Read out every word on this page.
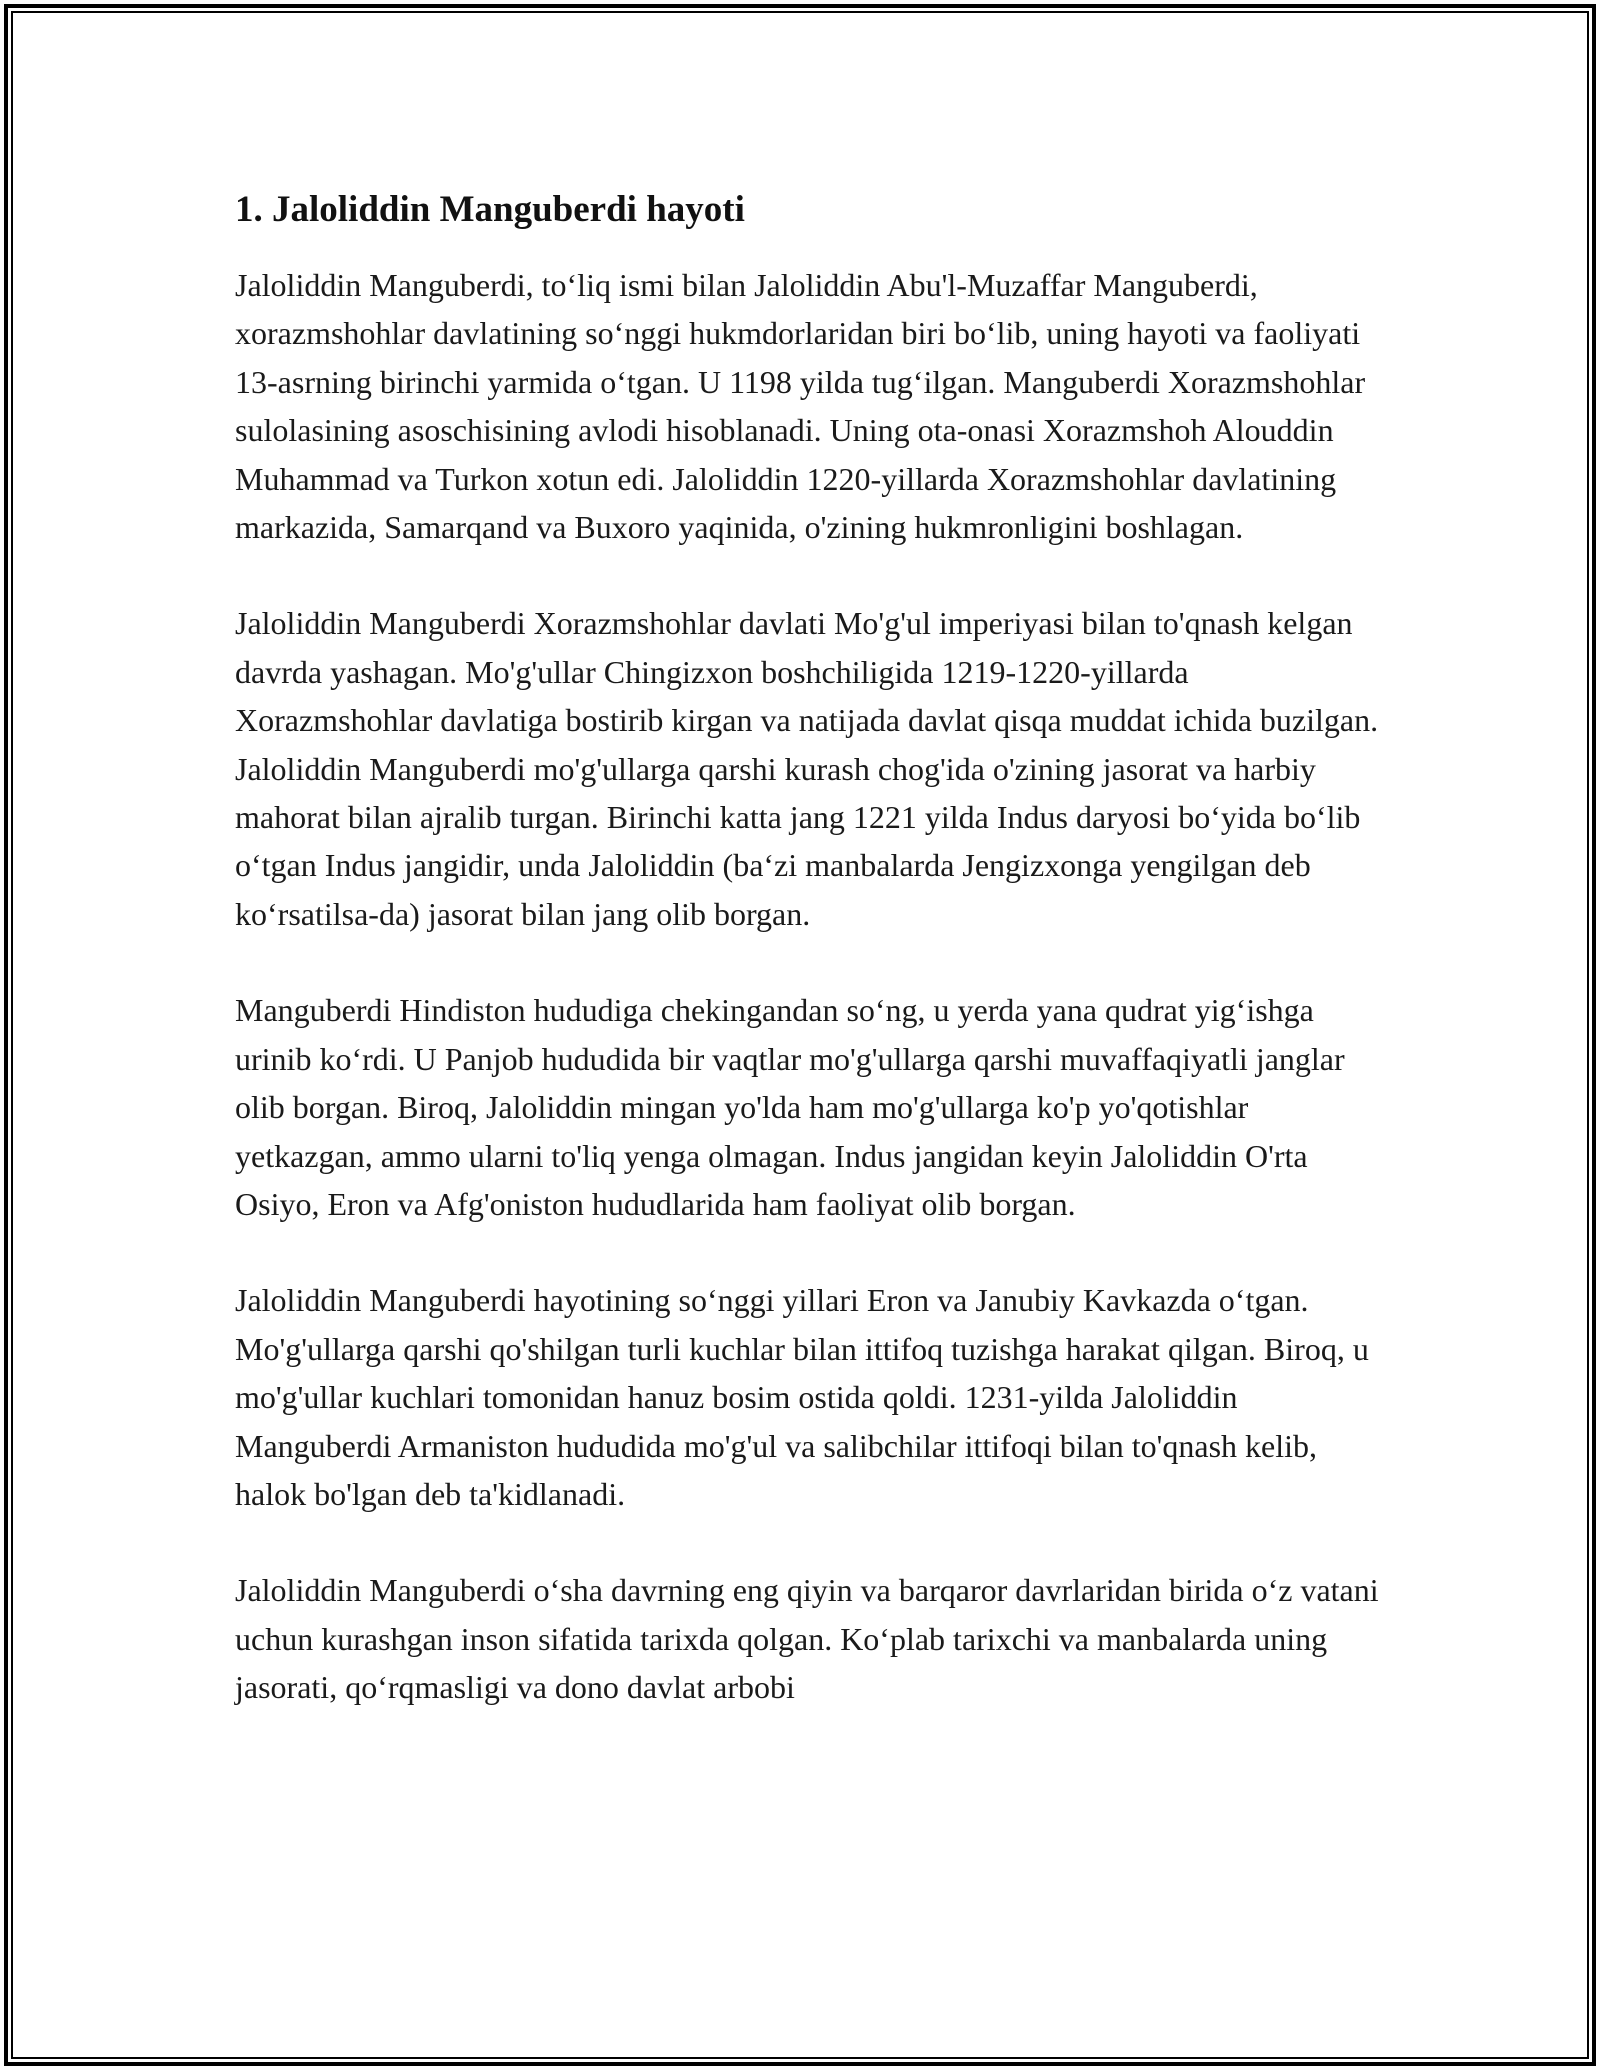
1. Jaloliddin Manguberdi hayoti

Jaloliddin Manguberdi, to‘liq ismi bilan Jaloliddin Abu'l-Muzaffar Manguberdi, xorazmshohlar davlatining so‘nggi hukmdorlaridan biri bo‘lib, uning hayoti va faoliyati 13-asrning birinchi yarmida o‘tgan. U 1198 yilda tug‘ilgan. Manguberdi Xorazmshohlar sulolasining asoschisining avlodi hisoblanadi. Uning ota-onasi Xorazmshoh Alouddin Muhammad va Turkon xotun edi. Jaloliddin 1220-yillarda Xorazmshohlar davlatining markazida, Samarqand va Buxoro yaqinida, o'zining hukmronligini boshlagan.

Jaloliddin Manguberdi Xorazmshohlar davlati Mo'g'ul imperiyasi bilan to'qnash kelgan davrda yashagan. Mo'g'ullar Chingizxon boshchiligida 1219-1220-yillarda Xorazmshohlar davlatiga bostirib kirgan va natijada davlat qisqa muddat ichida buzilgan. Jaloliddin Manguberdi mo'g'ullarga qarshi kurash chog'ida o'zining jasorat va harbiy mahorat bilan ajralib turgan. Birinchi katta jang 1221 yilda Indus daryosi bo‘yida bo‘lib o‘tgan Indus jangidir, unda Jaloliddin (ba‘zi manbalarda Jengizxonga yengilgan deb ko‘rsatilsa-da) jasorat bilan jang olib borgan.

Manguberdi Hindiston hududiga chekingandan so‘ng, u yerda yana qudrat yig‘ishga urinib ko‘rdi. U Panjob hududida bir vaqtlar mo'g'ullarga qarshi muvaffaqiyatli janglar olib borgan. Biroq, Jaloliddin mingan yo'lda ham mo'g'ullarga ko'p yo'qotishlar yetkazgan, ammo ularni to'liq yenga olmagan. Indus jangidan keyin Jaloliddin O'rta Osiyo, Eron va Afg'oniston hududlarida ham faoliyat olib borgan.

Jaloliddin Manguberdi hayotining so‘nggi yillari Eron va Janubiy Kavkazda o‘tgan. Mo'g'ullarga qarshi qo'shilgan turli kuchlar bilan ittifoq tuzishga harakat qilgan. Biroq, u mo'g'ullar kuchlari tomonidan hanuz bosim ostida qoldi. 1231-yilda Jaloliddin Manguberdi Armaniston hududida mo'g'ul va salibchilar ittifoqi bilan to'qnash kelib, halok bo'lgan deb ta'kidlanadi.

Jaloliddin Manguberdi o‘sha davrning eng qiyin va barqaror davrlaridan birida o‘z vatani uchun kurashgan inson sifatida tarixda qolgan. Ko‘plab tarixchi va manbalarda uning jasorati, qo‘rqmasligi va dono davlat arbobi
